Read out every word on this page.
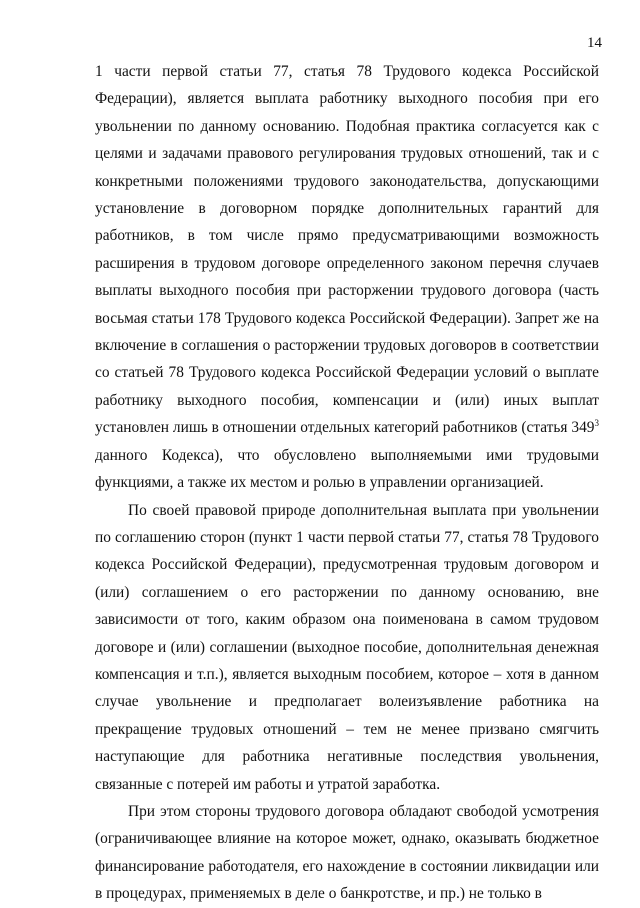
14

1 части первой статьи 77, статья 78 Трудового кодекса Российской Федерации), является выплата работнику выходного пособия при его увольнении по данному основанию. Подобная практика согласуется как с целями и задачами правового регулирования трудовых отношений, так и с конкретными положениями трудового законодательства, допускающими установление в договорном порядке дополнительных гарантий для работников, в том числе прямо предусматривающими возможность расширения в трудовом договоре определенного законом перечня случаев выплаты выходного пособия при расторжении трудового договора (часть восьмая статьи 178 Трудового кодекса Российской Федерации). Запрет же на включение в соглашения о расторжении трудовых договоров в соответствии со статьей 78 Трудового кодекса Российской Федерации условий о выплате работнику выходного пособия, компенсации и (или) иных выплат установлен лишь в отношении отдельных категорий работников (статья $349^3$ данного Кодекса), что обусловлено выполняемыми ими трудовыми функциями, а также их местом и ролью в управлении организацией.

По своей правовой природе дополнительная выплата при увольнении по соглашению сторон (пункт 1 части первой статьи 77, статья 78 Трудового кодекса Российской Федерации), предусмотренная трудовым договором и (или) соглашением о его расторжении по данному основанию, вне зависимости от того, каким образом она поименована в самом трудовом договоре и (или) соглашении (выходное пособие, дополнительная денежная компенсация и т.п.), является выходным пособием, которое – хотя в данном случае увольнение и предполагает волеизъявление работника на прекращение трудовых отношений – тем не менее призвано смягчить наступающие для работника негативные последствия увольнения, связанные с потерей им работы и утратой заработка.

При этом стороны трудового договора обладают свободой усмотрения (ограничивающее влияние на которое может, однако, оказывать бюджетное финансирование работодателя, его нахождение в состоянии ликвидации или в процедурах, применяемых в деле о банкротстве, и пр.) не только в
